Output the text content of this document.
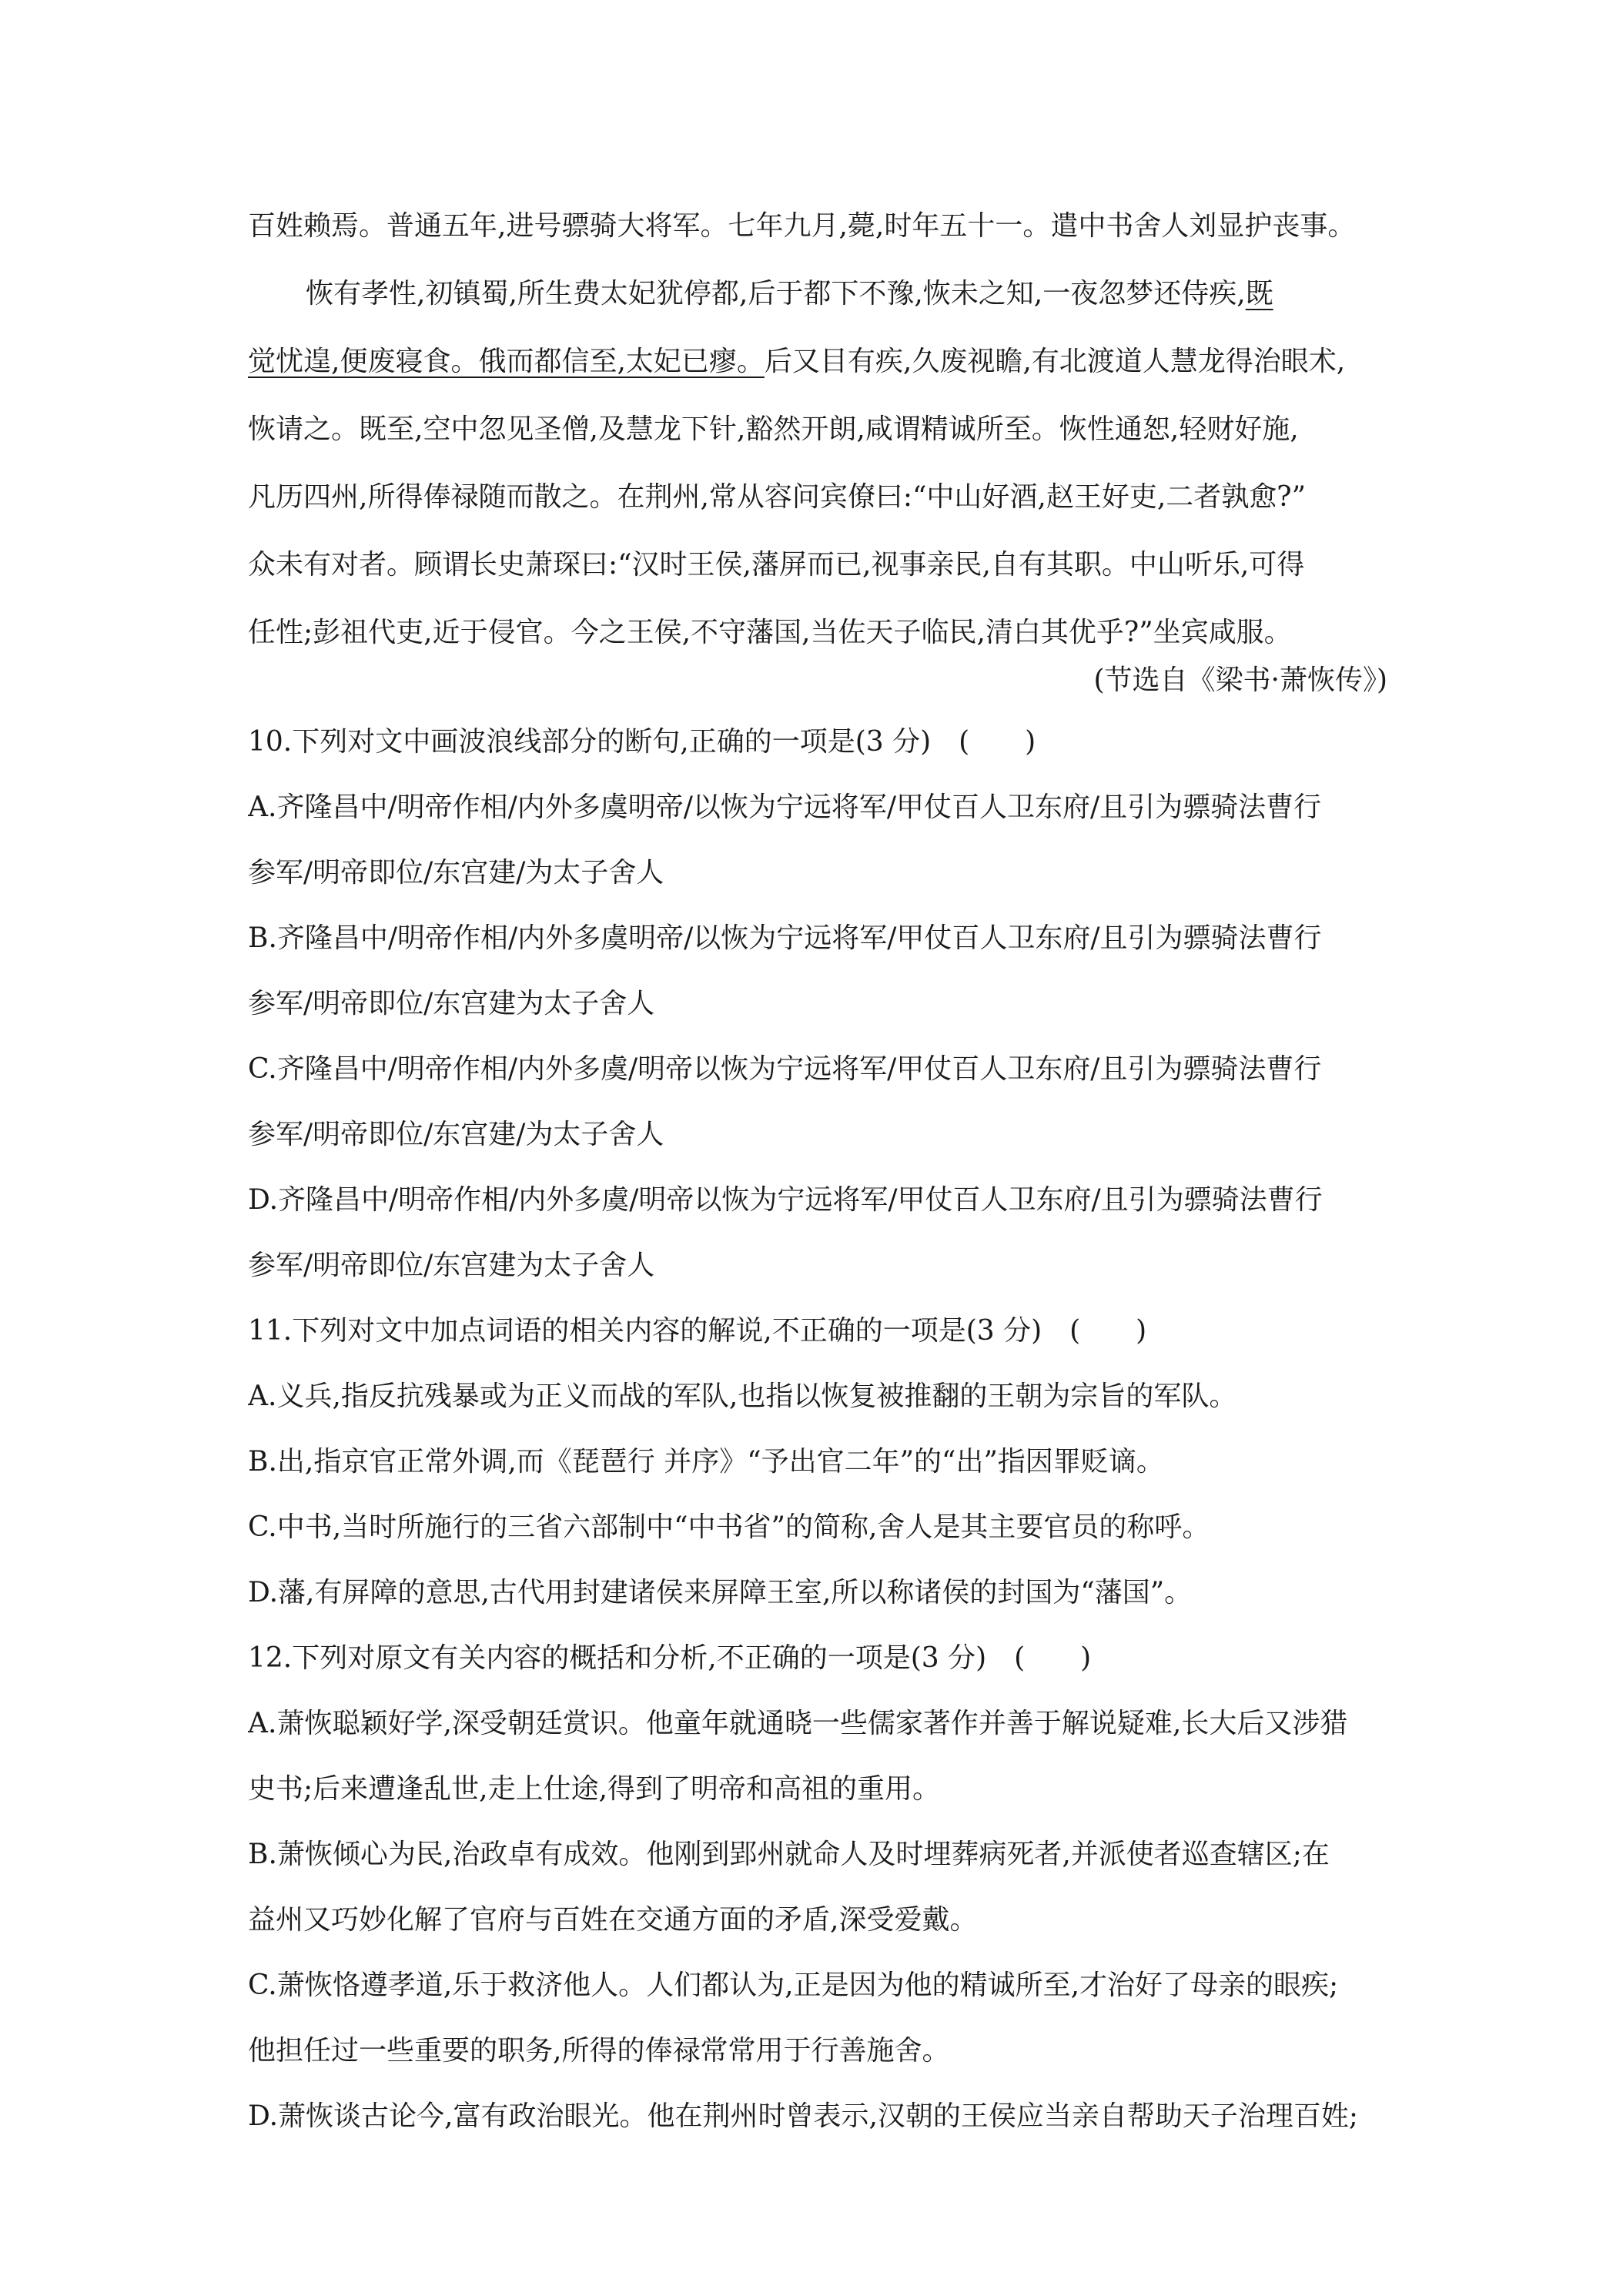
百姓赖焉。普通五年,进号骠骑大将军。七年九月,薨,时年五十一。遣中书舍人刘显护丧事。
恢有孝性,初镇蜀,所生费太妃犹停都,后于都下不豫,恢未之知,一夜忽梦还侍疾,既
觉忧遑,便废寝食。俄而都信至,太妃已瘳。后又目有疾,久废视瞻,有北渡道人慧龙得治眼术,
恢请之。既至,空中忽见圣僧,及慧龙下针,豁然开朗,咸谓精诚所至。恢性通恕,轻财好施,
凡历四州,所得俸禄随而散之。在荆州,常从容问宾僚曰:“中山好酒,赵王好吏,二者孰愈?”
众未有对者。顾谓长史萧琛曰:“汉时王侯,藩屏而已,视事亲民,自有其职。中山听乐,可得
任性;彭祖代吏,近于侵官。今之王侯,不守藩国,当佐天子临民,清白其优乎?”坐宾咸服。
(节选自《梁书·萧恢传》)
10.下列对文中画波浪线部分的断句,正确的一项是(3 分)　(　　)
A.齐隆昌中/明帝作相/内外多虞明帝/以恢为宁远将军/甲仗百人卫东府/且引为骠骑法曹行
参军/明帝即位/东宫建/为太子舍人
B.齐隆昌中/明帝作相/内外多虞明帝/以恢为宁远将军/甲仗百人卫东府/且引为骠骑法曹行
参军/明帝即位/东宫建为太子舍人
C.齐隆昌中/明帝作相/内外多虞/明帝以恢为宁远将军/甲仗百人卫东府/且引为骠骑法曹行
参军/明帝即位/东宫建/为太子舍人
D.齐隆昌中/明帝作相/内外多虞/明帝以恢为宁远将军/甲仗百人卫东府/且引为骠骑法曹行
参军/明帝即位/东宫建为太子舍人
11.下列对文中加点词语的相关内容的解说,不正确的一项是(3 分)　(　　)
A.义兵,指反抗残暴或为正义而战的军队,也指以恢复被推翻的王朝为宗旨的军队。
B.出,指京官正常外调,而《琵琶行 并序》“予出官二年”的“出”指因罪贬谪。
C.中书,当时所施行的三省六部制中“中书省”的简称,舍人是其主要官员的称呼。
D.藩,有屏障的意思,古代用封建诸侯来屏障王室,所以称诸侯的封国为“藩国”。
12.下列对原文有关内容的概括和分析,不正确的一项是(3 分)　(　　)
A.萧恢聪颖好学,深受朝廷赏识。他童年就通晓一些儒家著作并善于解说疑难,长大后又涉猎
史书;后来遭逢乱世,走上仕途,得到了明帝和高祖的重用。
B.萧恢倾心为民,治政卓有成效。他刚到郢州就命人及时埋葬病死者,并派使者巡查辖区;在
益州又巧妙化解了官府与百姓在交通方面的矛盾,深受爱戴。
C.萧恢恪遵孝道,乐于救济他人。人们都认为,正是因为他的精诚所至,才治好了母亲的眼疾;
他担任过一些重要的职务,所得的俸禄常常用于行善施舍。
D.萧恢谈古论今,富有政治眼光。他在荆州时曾表示,汉朝的王侯应当亲自帮助天子治理百姓;
